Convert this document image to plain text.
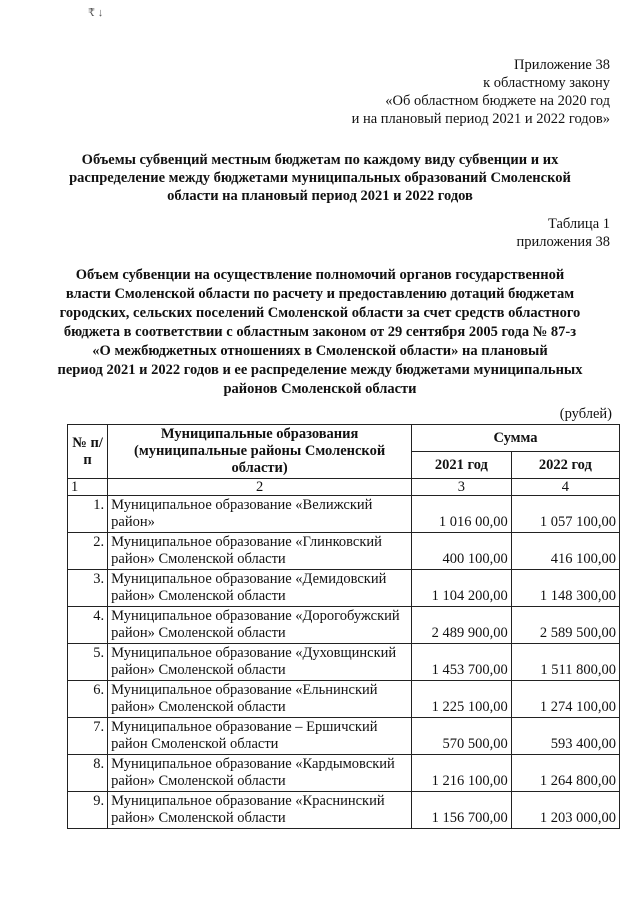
₹ ↓
Приложение 38
к областному закону
«Об областном бюджете на 2020 год
и на плановый период 2021 и 2022 годов»
Объемы субвенций местным бюджетам по каждому виду субвенции и их
распределение между бюджетами муниципальных образований Смоленской
области на плановый период 2021 и 2022 годов
Таблица 1
приложения 38
Объем субвенции на осуществление полномочий органов государственной
власти Смоленской области по расчету и предоставлению дотаций бюджетам
городских, сельских поселений Смоленской области за счет средств областного
бюджета в соответствии с областным законом от 29 сентября 2005 года № 87-з
«О межбюджетных отношениях в Смоленской области» на плановый
период 2021 и 2022 годов и ее распределение между бюджетами муниципальных
районов Смоленской области
(рублей)
№ п/п	Муниципальные образования (муниципальные районы Смоленской области)	Сумма	
		2021 год	2022 год
1	2	3	4
1.	Муниципальное образование «Велижский район»	1 016 00,00	1 057 100,00
2.	Муниципальное образование «Глинковский район» Смоленской области	400 100,00	416 100,00
3.	Муниципальное образование «Демидовский район» Смоленской области	1 104 200,00	1 148 300,00
4.	Муниципальное образование «Дорогобужский район» Смоленской области	2 489 900,00	2 589 500,00
5.	Муниципальное образование «Духовщинский район» Смоленской области	1 453 700,00	1 511 800,00
6.	Муниципальное образование «Ельнинский район» Смоленской области	1 225 100,00	1 274 100,00
7.	Муниципальное образование – Ершичский район Смоленской области	570 500,00	593 400,00
8.	Муниципальное образование «Кардымовский район» Смоленской области	1 216 100,00	1 264 800,00
9.	Муниципальное образование «Краснинский район» Смоленской области	1 156 700,00	1 203 000,00
